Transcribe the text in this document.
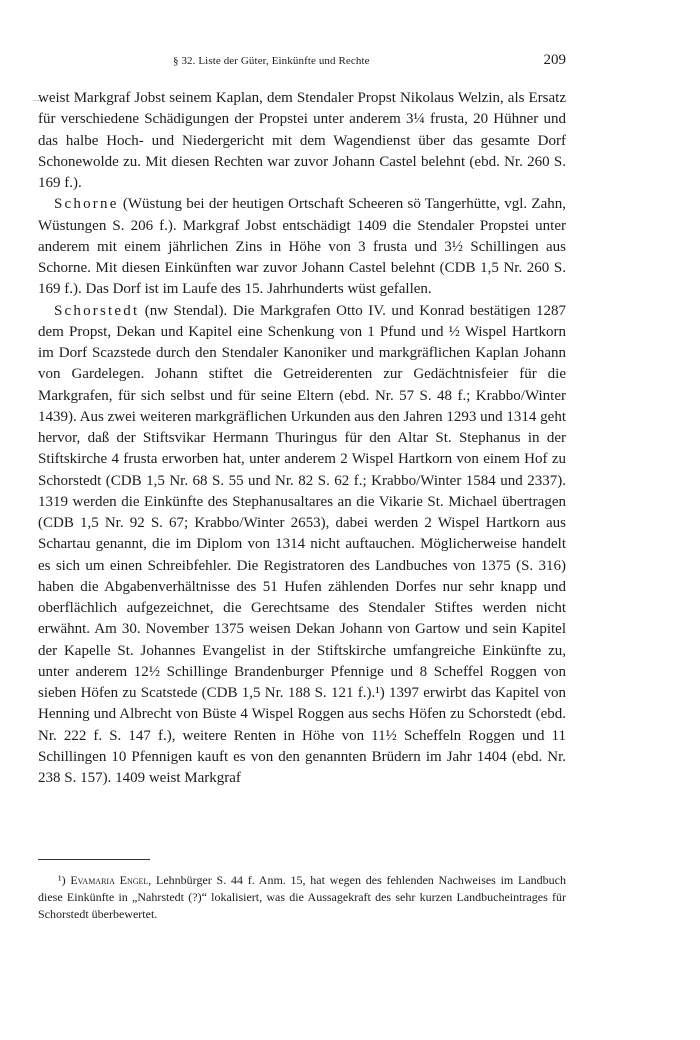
§ 32. Liste der Güter, Einkünfte und Rechte	209

weist Markgraf Jobst seinem Kaplan, dem Stendaler Propst Nikolaus Welzin, als Ersatz für verschiedene Schädigungen der Propstei unter anderem 3¼ frusta, 20 Hühner und das halbe Hoch- und Niedergericht mit dem Wagendienst über das gesamte Dorf Schonewolde zu. Mit diesen Rechten war zuvor Johann Castel belehnt (ebd. Nr. 260 S. 169 f.).

Schorne (Wüstung bei der heutigen Ortschaft Scheeren sö Tangerhütte, vgl. Zahn, Wüstungen S. 206 f.). Markgraf Jobst entschädigt 1409 die Stendaler Propstei unter anderem mit einem jährlichen Zins in Höhe von 3 frusta und 3½ Schillingen aus Schorne. Mit diesen Einkünften war zuvor Johann Castel belehnt (CDB 1,5 Nr. 260 S. 169 f.). Das Dorf ist im Laufe des 15. Jahrhunderts wüst gefallen.

Schorstedt (nw Stendal). Die Markgrafen Otto IV. und Konrad bestätigen 1287 dem Propst, Dekan und Kapitel eine Schenkung von 1 Pfund und ½ Wispel Hartkorn im Dorf Scazstede durch den Stendaler Kanoniker und markgräflichen Kaplan Johann von Gardelegen. Johann stiftet die Getreiderenten zur Gedächtnisfeier für die Markgrafen, für sich selbst und für seine Eltern (ebd. Nr. 57 S. 48 f.; Krabbo/Winter 1439). Aus zwei weiteren markgräflichen Urkunden aus den Jahren 1293 und 1314 geht hervor, daß der Stiftsvikar Hermann Thuringus für den Altar St. Stephanus in der Stiftskirche 4 frusta erworben hat, unter anderem 2 Wispel Hartkorn von einem Hof zu Schorstedt (CDB 1,5 Nr. 68 S. 55 und Nr. 82 S. 62 f.; Krabbo/Winter 1584 und 2337). 1319 werden die Einkünfte des Stephanusaltares an die Vikarie St. Michael übertragen (CDB 1,5 Nr. 92 S. 67; Krabbo/Winter 2653), dabei werden 2 Wispel Hartkorn aus Schartau genannt, die im Diplom von 1314 nicht auftauchen. Möglicherweise handelt es sich um einen Schreibfehler. Die Registratoren des Landbuches von 1375 (S. 316) haben die Abgabenverhältnisse des 51 Hufen zählenden Dorfes nur sehr knapp und oberflächlich aufgezeichnet, die Gerechtsame des Stendaler Stiftes werden nicht erwähnt. Am 30. November 1375 weisen Dekan Johann von Gartow und sein Kapitel der Kapelle St. Johannes Evangelist in der Stiftskirche umfangreiche Einkünfte zu, unter anderem 12½ Schillinge Brandenburger Pfennige und 8 Scheffel Roggen von sieben Höfen zu Scatstede (CDB 1,5 Nr. 188 S. 121 f.).¹) 1397 erwirbt das Kapitel von Henning und Albrecht von Büste 4 Wispel Roggen aus sechs Höfen zu Schorstedt (ebd. Nr. 222 f. S. 147 f.), weitere Renten in Höhe von 11½ Scheffeln Roggen und 11 Schillingen 10 Pfennigen kauft es von den genannten Brüdern im Jahr 1404 (ebd. Nr. 238 S. 157). 1409 weist Markgraf

¹) Evamaria Engel, Lehnbürger S. 44 f. Anm. 15, hat wegen des fehlenden Nachweises im Landbuch diese Einkünfte in „Nahrstedt (?)“ lokalisiert, was die Aussagekraft des sehr kurzen Landbucheintrages für Schorstedt überbewertet.
